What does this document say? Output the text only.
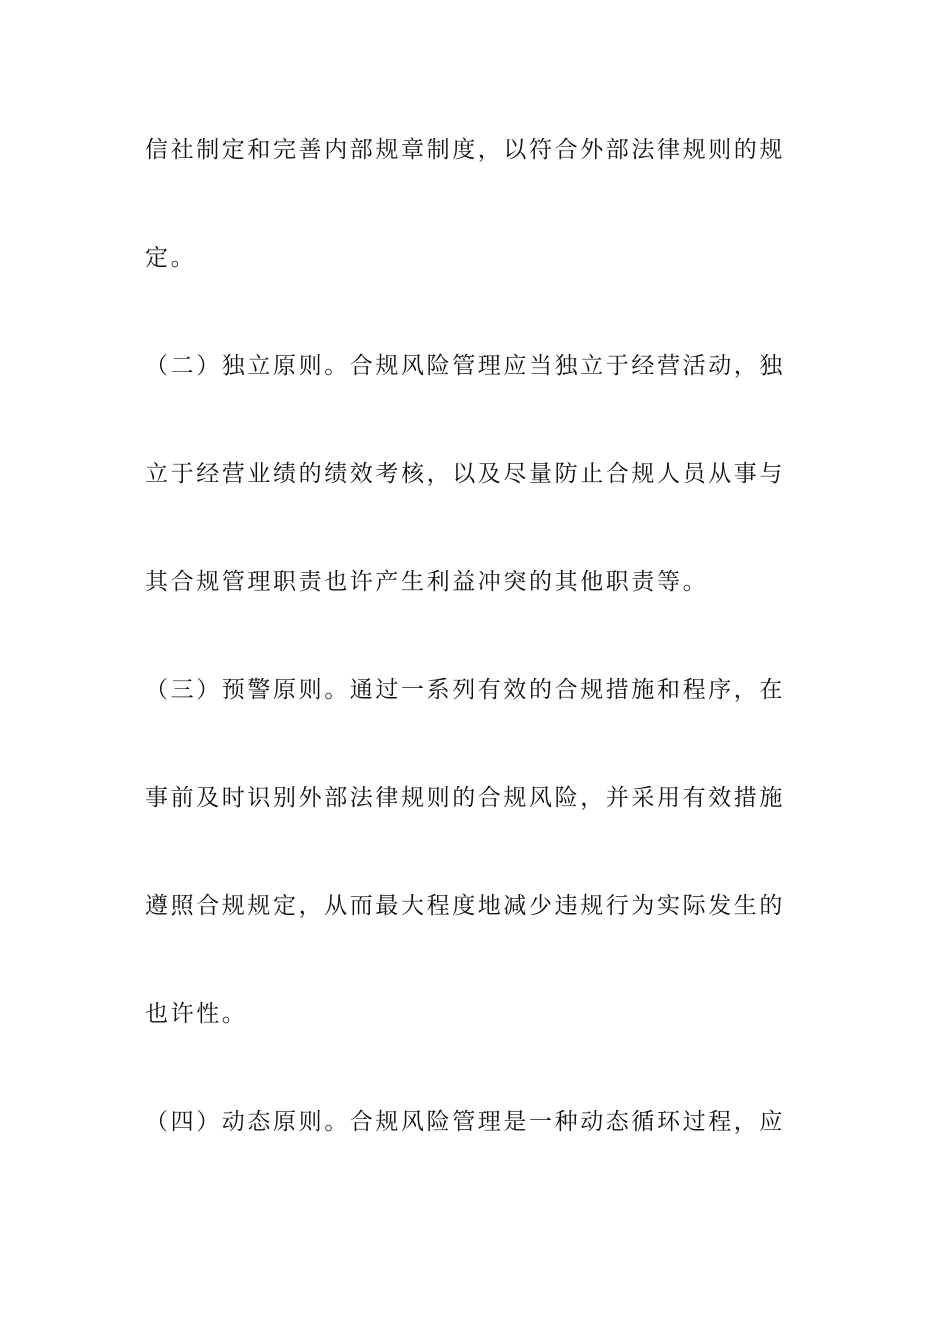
信社制定和完善内部规章制度，以符合外部法律规则的规
定。
（二）独立原则。合规风险管理应当独立于经营活动，独
立于经营业绩的绩效考核，以及尽量防止合规人员从事与
其合规管理职责也许产生利益冲突的其他职责等。
（三）预警原则。通过一系列有效的合规措施和程序，在
事前及时识别外部法律规则的合规风险，并采用有效措施
遵照合规规定，从而最大程度地减少违规行为实际发生的
也许性。
（四）动态原则。合规风险管理是一种动态循环过程，应
